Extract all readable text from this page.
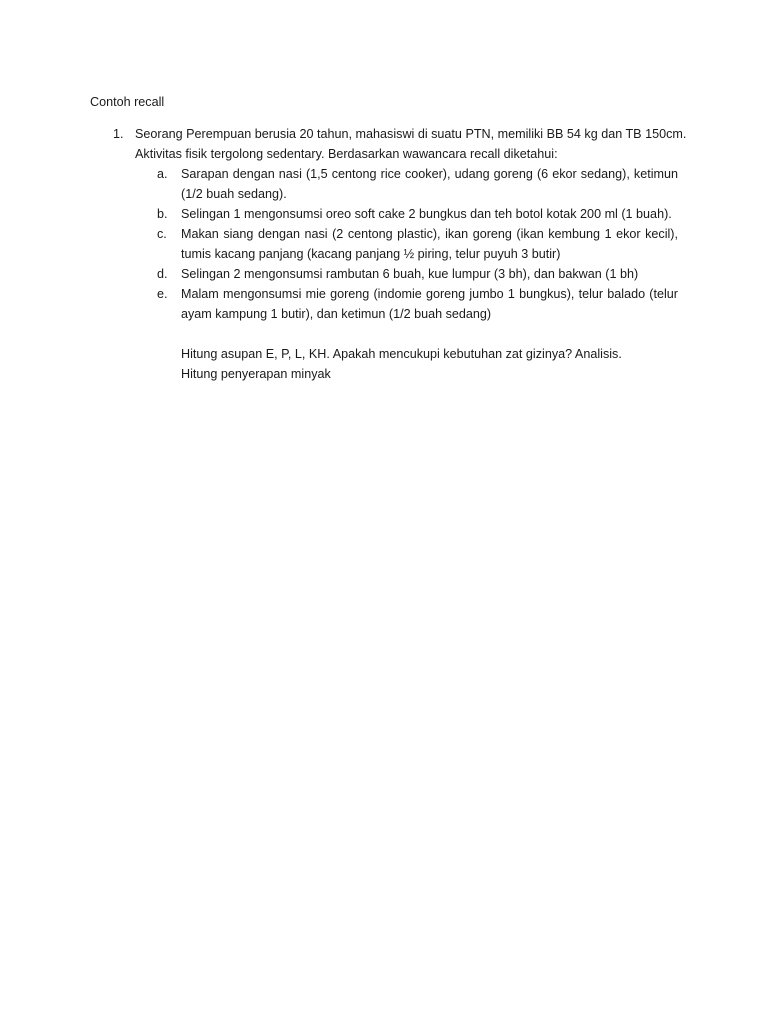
Contoh recall
1. Seorang Perempuan berusia 20 tahun, mahasiswi di suatu PTN, memiliki BB 54 kg dan TB 150cm.
Aktivitas fisik tergolong sedentary. Berdasarkan wawancara recall diketahui:
a. Sarapan dengan nasi (1,5 centong rice cooker), udang goreng (6 ekor sedang), ketimun (1/2 buah sedang).
b. Selingan 1 mengonsumsi oreo soft cake 2 bungkus dan teh botol kotak 200 ml (1 buah).
c. Makan siang dengan nasi (2 centong plastic), ikan goreng (ikan kembung 1 ekor kecil), tumis kacang panjang (kacang panjang ½ piring, telur puyuh 3 butir)
d. Selingan 2 mengonsumsi rambutan 6 buah, kue lumpur (3 bh), dan bakwan (1 bh)
e. Malam mengonsumsi mie goreng (indomie goreng jumbo 1 bungkus), telur balado (telur ayam kampung 1 butir), dan ketimun (1/2 buah sedang)
Hitung asupan E, P, L, KH. Apakah mencukupi kebutuhan zat gizinya? Analisis.
Hitung penyerapan minyak
